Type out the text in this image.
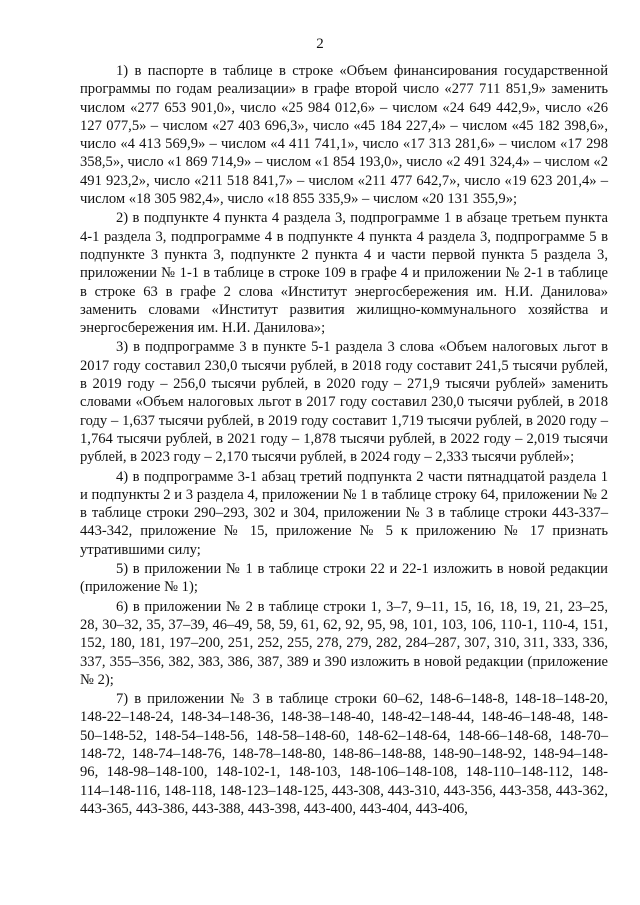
2

1) в паспорте в таблице в строке «Объем финансирования государственной программы по годам реализации» в графе второй число «277 711 851,9» заменить числом «277 653 901,0», число «25 984 012,6» – числом «24 649 442,9», число «26 127 077,5» – числом «27 403 696,3», число «45 184 227,4» – числом «45 182 398,6», число «4 413 569,9» – числом «4 411 741,1», число «17 313 281,6» – числом «17 298 358,5», число «1 869 714,9» – числом «1 854 193,0», число «2 491 324,4» – числом «2 491 923,2», число «211 518 841,7» – числом «211 477 642,7», число «19 623 201,4» – числом «18 305 982,4», число «18 855 335,9» – числом «20 131 355,9»;

2) в подпункте 4 пункта 4 раздела 3, подпрограмме 1 в абзаце третьем пункта 4-1 раздела 3, подпрограмме 4 в подпункте 4 пункта 4 раздела 3, подпрограмме 5 в подпункте 3 пункта 3, подпункте 2 пункта 4 и части первой пункта 5 раздела 3, приложении № 1-1 в таблице в строке 109 в графе 4 и приложении № 2-1 в таблице в строке 63 в графе 2 слова «Институт энергосбережения им. Н.И. Данилова» заменить словами «Институт развития жилищно-коммунального хозяйства и энергосбережения им. Н.И. Данилова»;

3) в подпрограмме 3 в пункте 5-1 раздела 3 слова «Объем налоговых льгот в 2017 году составил 230,0 тысячи рублей, в 2018 году составит 241,5 тысячи рублей, в 2019 году – 256,0 тысячи рублей, в 2020 году – 271,9 тысячи рублей» заменить словами «Объем налоговых льгот в 2017 году составил 230,0 тысячи рублей, в 2018 году – 1,637 тысячи рублей, в 2019 году составит 1,719 тысячи рублей, в 2020 году – 1,764 тысячи рублей, в 2021 году – 1,878 тысячи рублей, в 2022 году – 2,019 тысячи рублей, в 2023 году – 2,170 тысячи рублей, в 2024 году – 2,333 тысячи рублей»;

4) в подпрограмме 3-1 абзац третий подпункта 2 части пятнадцатой раздела 1 и подпункты 2 и 3 раздела 4, приложении № 1 в таблице строку 64, приложении № 2 в таблице строки 290–293, 302 и 304, приложении № 3 в таблице строки 443-337–443-342, приложение № 15, приложение № 5 к приложению № 17 признать утратившими силу;

5) в приложении № 1 в таблице строки 22 и 22-1 изложить в новой редакции (приложение № 1);

6) в приложении № 2 в таблице строки 1, 3–7, 9–11, 15, 16, 18, 19, 21, 23–25, 28, 30–32, 35, 37–39, 46–49, 58, 59, 61, 62, 92, 95, 98, 101, 103, 106, 110-1, 110-4, 151, 152, 180, 181, 197–200, 251, 252, 255, 278, 279, 282, 284–287, 307, 310, 311, 333, 336, 337, 355–356, 382, 383, 386, 387, 389 и 390 изложить в новой редакции (приложение № 2);

7) в приложении № 3 в таблице строки 60–62, 148-6–148-8, 148-18–148-20, 148-22–148-24, 148-34–148-36, 148-38–148-40, 148-42–148-44, 148-46–148-48, 148-50–148-52, 148-54–148-56, 148-58–148-60, 148-62–148-64, 148-66–148-68, 148-70–148-72, 148-74–148-76, 148-78–148-80, 148-86–148-88, 148-90–148-92, 148-94–148-96, 148-98–148-100, 148-102-1, 148-103, 148-106–148-108, 148-110–148-112, 148-114–148-116, 148-118, 148-123–148-125, 443-308, 443-310, 443-356, 443-358, 443-362, 443-365, 443-386, 443-388, 443-398, 443-400, 443-404, 443-406,
